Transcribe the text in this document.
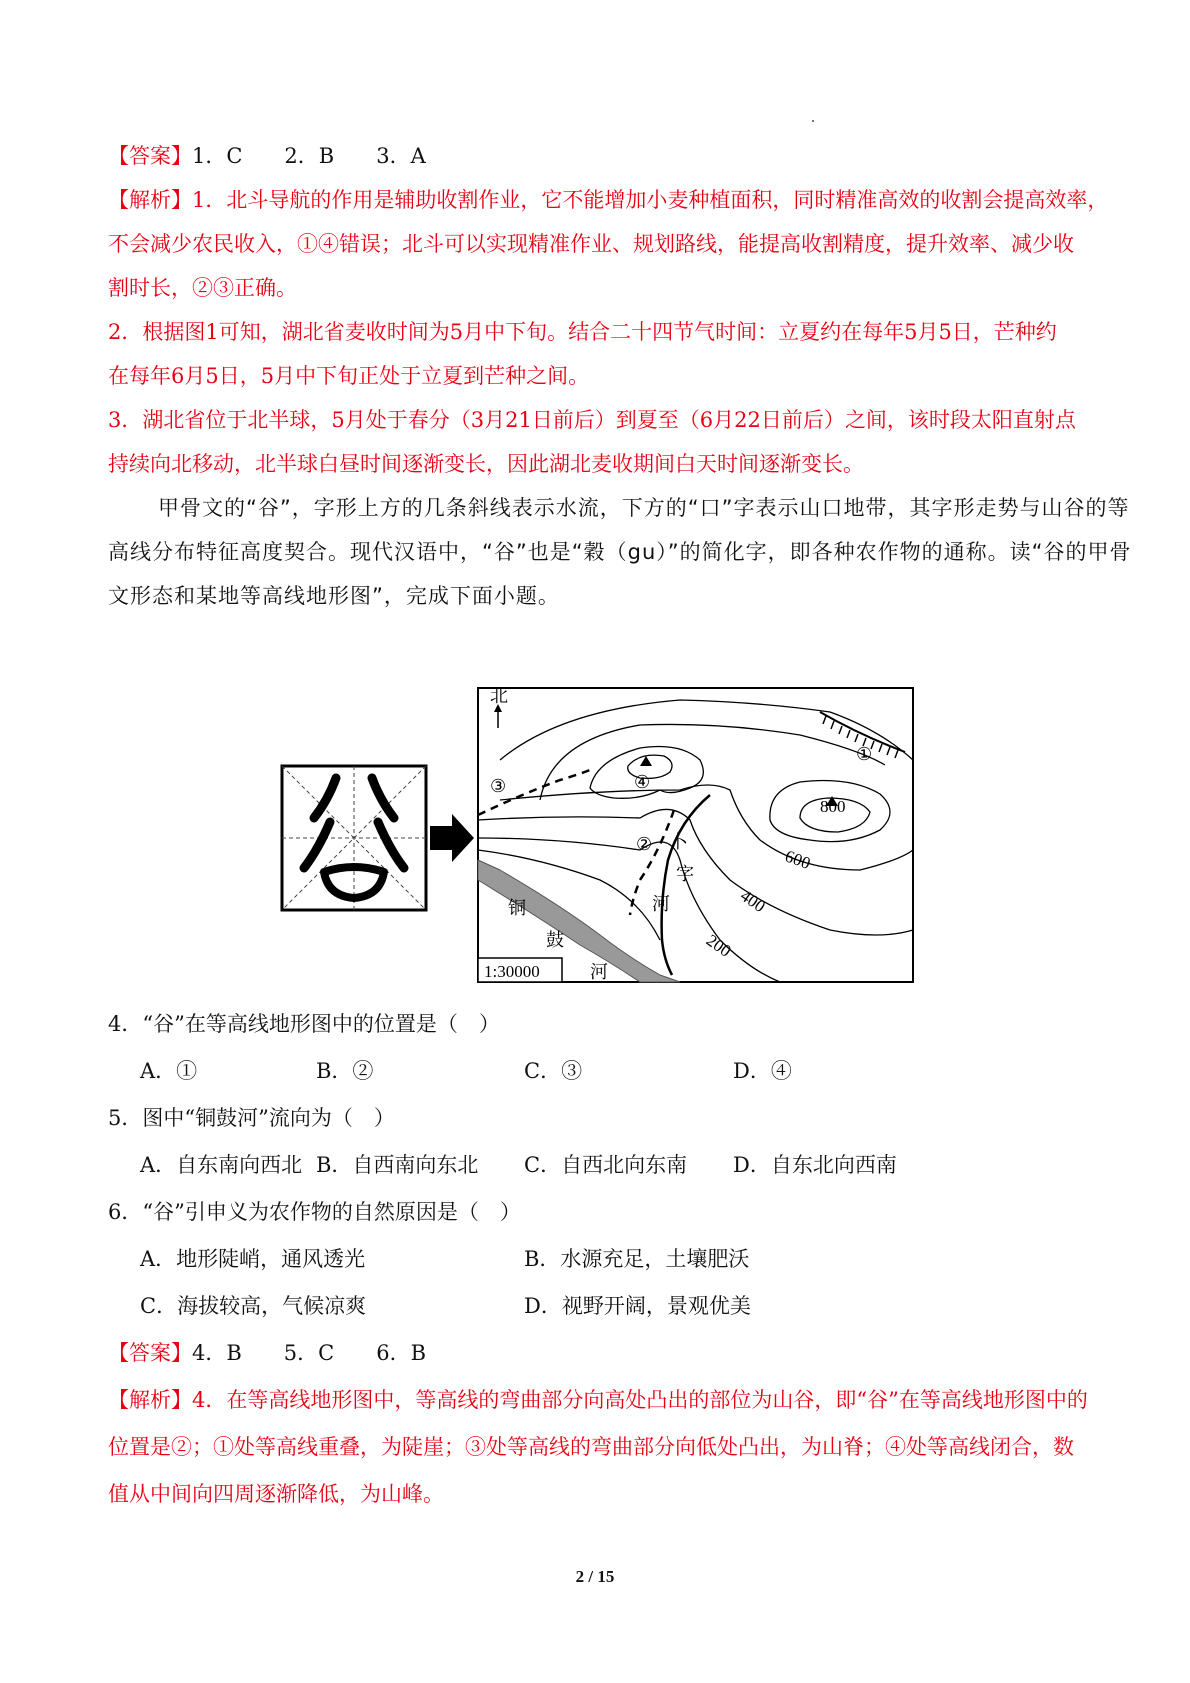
【答案】1．C　　2．B　　3．A
【解析】1．北斗导航的作用是辅助收割作业，它不能增加小麦种植面积，同时精准高效的收割会提高效率，
不会减少农民收入，①④错误；北斗可以实现精准作业、规划路线，能提高收割精度，提升效率、减少收
割时长，②③正确。
2．根据图1可知，湖北省麦收时间为5月中下旬。结合二十四节气时间：立夏约在每年5月5日，芒种约
在每年6月5日，5月中下旬正处于立夏到芒种之间。
3．湖北省位于北半球，5月处于春分（3月21日前后）到夏至（6月22日前后）之间，该时段太阳直射点
持续向北移动，北半球白昼时间逐渐变长，因此湖北麦收期间白天时间逐渐变长。
甲骨文的“谷”，字形上方的几条斜线表示水流，下方的“口”字表示山口地带，其字形走势与山谷的等
高线分布特征高度契合。现代汉语中，“谷”也是“穀（gu）”的简化字，即各种农作物的通称。读“谷的甲骨
文形态和某地等高线地形图”，完成下面小题。
北
800
600
400
200
①
②
③	④
卜
字
河
铜
鼓
河
1:30000
4．“谷”在等高线地形图中的位置是（　）
A．①	B．②	C．③	D．④
5．图中“铜鼓河”流向为（　）
A．自东南向西北 B．自西南向东北 C．自西北向东南 D．自东北向西南
6．“谷”引申义为农作物的自然原因是（　）
A．地形陡峭，通风透光	B．水源充足，土壤肥沃
C．海拔较高，气候凉爽	D．视野开阔，景观优美
【答案】4．B　　5．C　　6．B
【解析】4．在等高线地形图中，等高线的弯曲部分向高处凸出的部位为山谷，即“谷”在等高线地形图中的
位置是②；①处等高线重叠，为陡崖；③处等高线的弯曲部分向低处凸出，为山脊；④处等高线闭合，数
值从中间向四周逐渐降低，为山峰。
2 / 15
